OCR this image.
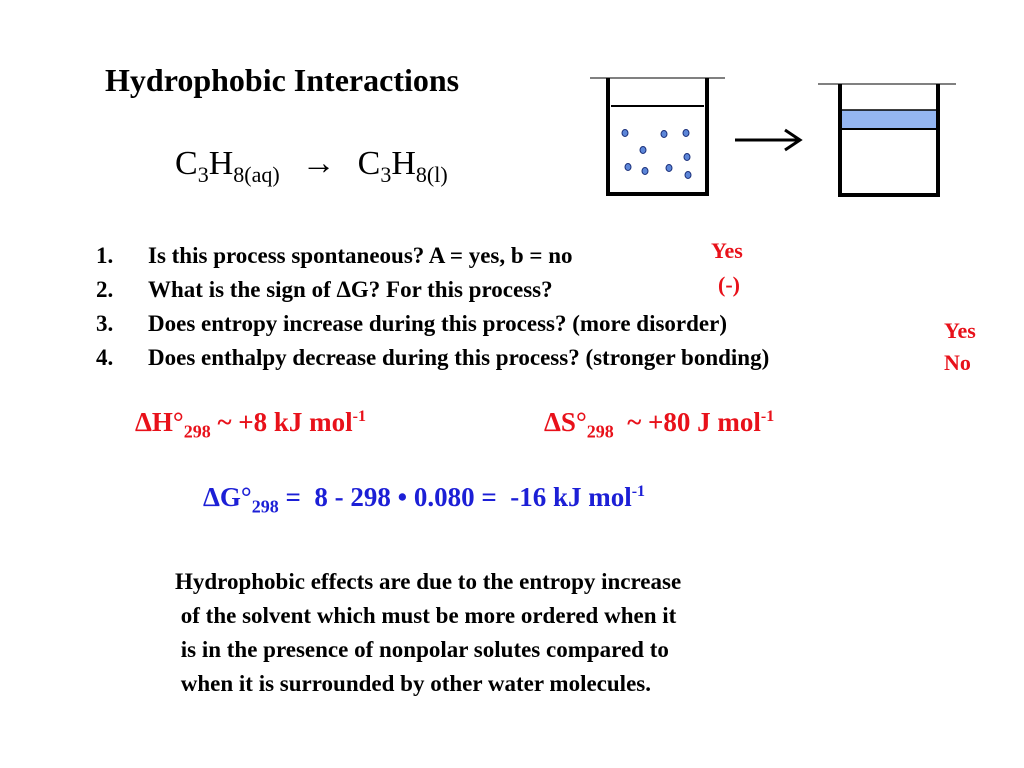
Hydrophobic Interactions
$C_3H_{8(aq)} \to C_3H_{8(l)}$
1. Is this process spontaneous? A = yes, b = no
2. What is the sign of ΔG? For this process?
3. Does entropy increase during this process? (more disorder)
4. Does enthalpy decrease during this process? (stronger bonding)
Yes
(-)
Yes
No
$\Delta H^\circ_{298}$ ~ +8 kJ mol$^{-1}$	$\Delta S^\circ_{298}$  ~ +80 J mol$^{-1}$
$\Delta G^\circ_{298} = 8 - 298$ • 0.080 =  -16 kJ mol$^{-1}$
Hydrophobic effects are due to the entropy increase
of the solvent which must be more ordered when it
is in the presence of nonpolar solutes compared to
when it is surrounded by other water molecules.
